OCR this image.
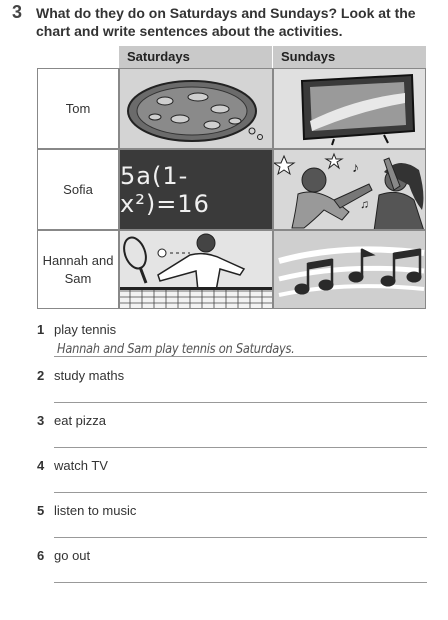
3 What do they do on Saturdays and Sundays? Look at the chart and write sentences about the activities.
Saturdays	Sundays
Tom
Sofia	5a(1-x²)=16
♪
♫
Hannah and Sam
1 play tennis
Hannah and Sam play tennis on Saturdays.
2 study maths
3 eat pizza
4 watch TV
5 listen to music
6 go out
